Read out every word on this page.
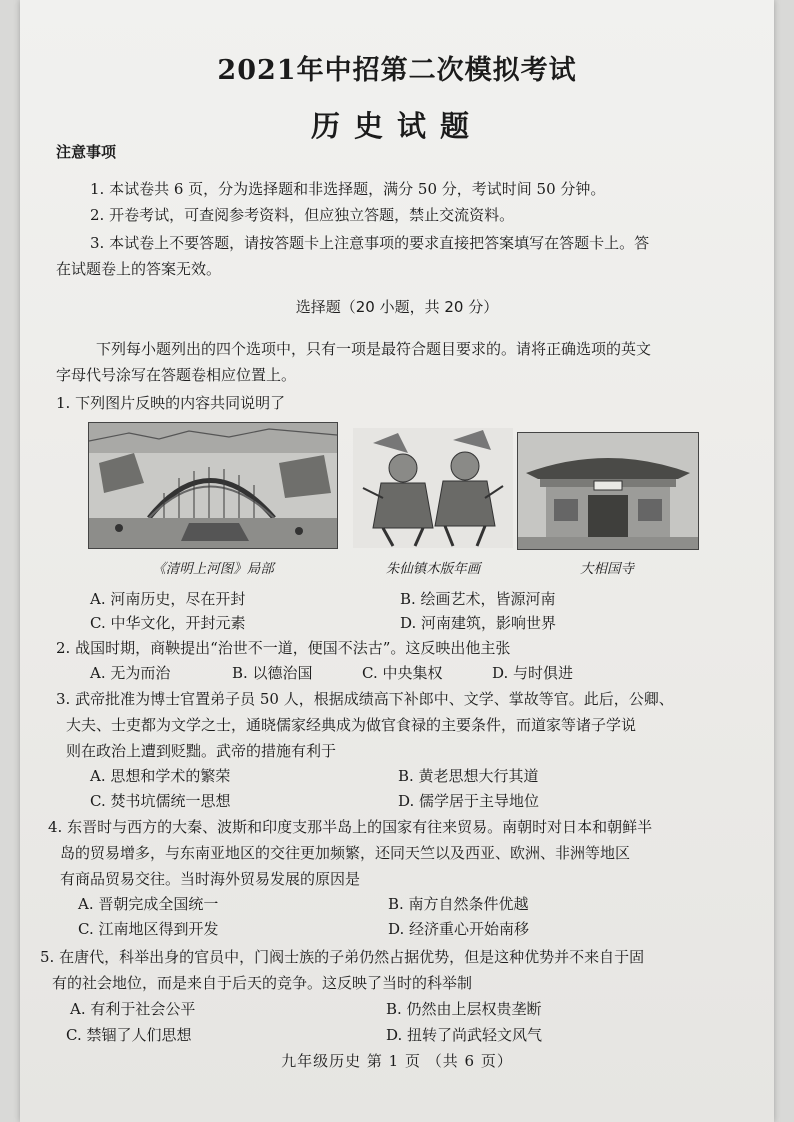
2021年中招第二次模拟考试
历史试题
注意事项
1. 本试卷共 6 页，分为选择题和非选择题，满分 50 分，考试时间 50 分钟。
2. 开卷考试，可查阅参考资料，但应独立答题，禁止交流资料。
3. 本试卷上不要答题，请按答题卡上注意事项的要求直接把答案填写在答题卡上。答
在试题卷上的答案无效。
选择题（20 小题，共 20 分）
下列每小题列出的四个选项中，只有一项是最符合题目要求的。请将正确选项的英文
字母代号涂写在答题卷相应位置上。
1. 下列图片反映的内容共同说明了
《清明上河图》局部	朱仙镇木版年画	大相国寺
A. 河南历史，尽在开封	B. 绘画艺术，皆源河南
C. 中华文化，开封元素	D. 河南建筑，影响世界
2. 战国时期，商鞅提出“治世不一道，便国不法古”。这反映出他主张
A. 无为而治	B. 以德治国	C. 中央集权	D. 与时俱进
3. 武帝批准为博士官置弟子员 50 人，根据成绩高下补郎中、文学、掌故等官。此后，公卿、
大夫、士吏都为文学之士，通晓儒家经典成为做官食禄的主要条件，而道家等诸子学说
则在政治上遭到贬黜。武帝的措施有利于
A. 思想和学术的繁荣	B. 黄老思想大行其道
C. 焚书坑儒统一思想	D. 儒学居于主导地位
4. 东晋时与西方的大秦、波斯和印度支那半岛上的国家有往来贸易。南朝时对日本和朝鲜半
岛的贸易增多，与东南亚地区的交往更加频繁，还同天竺以及西亚、欧洲、非洲等地区
有商品贸易交往。当时海外贸易发展的原因是
A. 晋朝完成全国统一	B. 南方自然条件优越
C. 江南地区得到开发	D. 经济重心开始南移
5. 在唐代，科举出身的官员中，门阀士族的子弟仍然占据优势，但是这种优势并不来自于固
有的社会地位，而是来自于后天的竞争。这反映了当时的科举制
A. 有利于社会公平	B. 仍然由上层权贵垄断
C. 禁锢了人们思想	D. 扭转了尚武轻文风气
九年级历史 第 1 页 （共 6 页）
